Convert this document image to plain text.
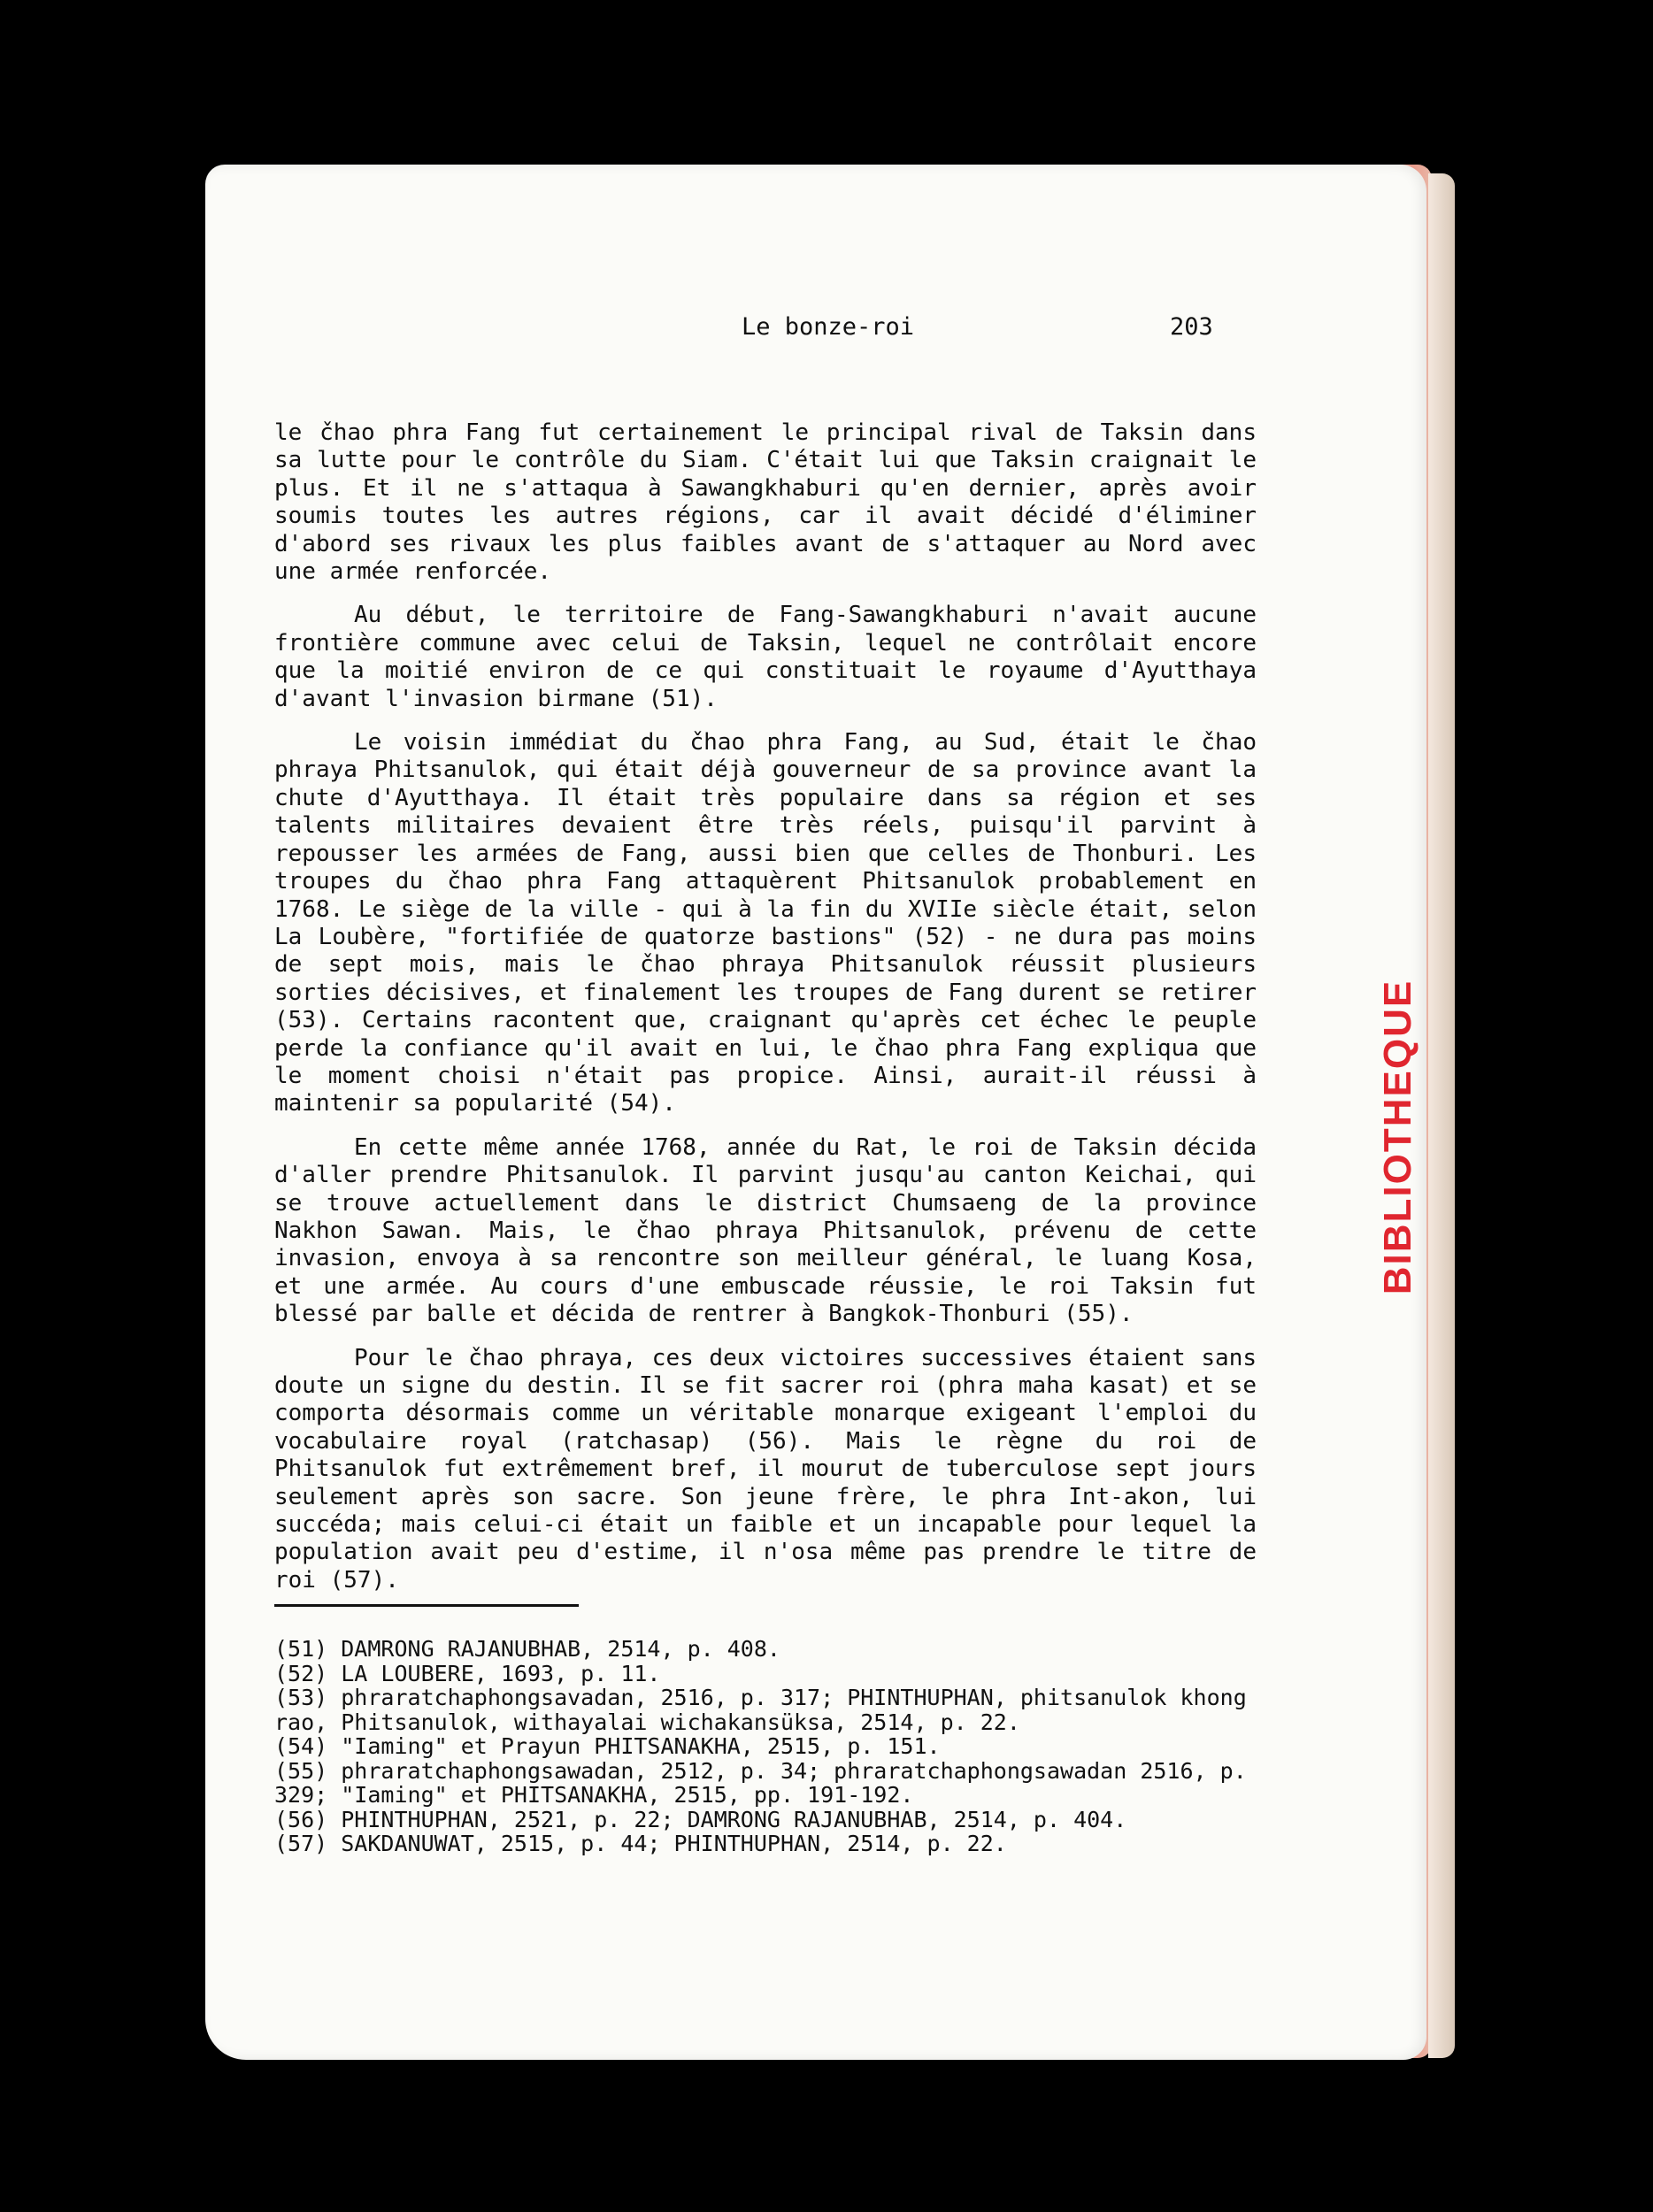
BIBLIOTHEQUE
Le bonze-roi	203

le čhao phra Fang fut certainement le principal rival de Taksin dans sa lutte pour le contrôle du Siam. C'était lui que Taksin craignait le plus. Et il ne s'attaqua à Sawangkhaburi qu'en dernier, après avoir soumis toutes les autres régions, car il avait décidé d'éliminer d'abord ses rivaux les plus faibles avant de s'attaquer au Nord avec une armée renforcée.

Au début, le territoire de Fang-Sawangkhaburi n'avait aucune frontière commune avec celui de Taksin, lequel ne contrôlait encore que la moitié environ de ce qui constituait le royaume d'Ayutthaya d'avant l'invasion birmane (51).

Le voisin immédiat du čhao phra Fang, au Sud, était le čhao phraya Phitsanulok, qui était déjà gouverneur de sa province avant la chute d'Ayutthaya. Il était très populaire dans sa région et ses talents militaires devaient être très réels, puisqu'il parvint à repousser les armées de Fang, aussi bien que celles de Thonburi. Les troupes du čhao phra Fang attaquèrent Phitsanulok probablement en 1768. Le siège de la ville - qui à la fin du XVIIe siècle était, selon La Loubère, "fortifiée de quatorze bastions" (52) - ne dura pas moins de sept mois, mais le čhao phraya Phitsanulok réussit plusieurs sorties décisives, et finalement les troupes de Fang durent se retirer (53). Certains racontent que, craignant qu'après cet échec le peuple perde la confiance qu'il avait en lui, le čhao phra Fang expliqua que le moment choisi n'était pas propice. Ainsi, aurait-il réussi à maintenir sa popularité (54).

En cette même année 1768, année du Rat, le roi de Taksin décida d'aller prendre Phitsanulok. Il parvint jusqu'au canton Keichai, qui se trouve actuellement dans le district Chumsaeng de la province Nakhon Sawan. Mais, le čhao phraya Phitsanulok, prévenu de cette invasion, envoya à sa rencontre son meilleur général, le luang Kosa, et une armée. Au cours d'une embuscade réussie, le roi Taksin fut blessé par balle et décida de rentrer à Bangkok-Thonburi (55).

Pour le čhao phraya, ces deux victoires successives étaient sans doute un signe du destin. Il se fit sacrer roi (phra maha kasat) et se comporta désormais comme un véritable monarque exigeant l'emploi du vocabulaire royal (ratchasap) (56). Mais le règne du roi de Phitsanulok fut extrêmement bref, il mourut de tuberculose sept jours seulement après son sacre. Son jeune frère, le phra Int-akon, lui succéda; mais celui-ci était un faible et un incapable pour lequel la population avait peu d'estime, il n'osa même pas prendre le titre de roi (57).

(51) DAMRONG RAJANUBHAB, 2514, p. 408.

(52) LA LOUBERE, 1693, p. 11.

(53) phraratchaphongsavadan, 2516, p. 317; PHINTHUPHAN, phitsanulok khong rao, Phitsanulok, withayalai wichakansüksa, 2514, p. 22.

(54) "Iaming" et Prayun PHITSANAKHA, 2515, p. 151.

(55) phraratchaphongsawadan, 2512, p. 34; phraratchaphongsawadan 2516, p. 329; "Iaming" et PHITSANAKHA, 2515, pp. 191-192.

(56) PHINTHUPHAN, 2521, p. 22; DAMRONG RAJANUBHAB, 2514, p. 404.

(57) SAKDANUWAT, 2515, p. 44; PHINTHUPHAN, 2514, p. 22.
